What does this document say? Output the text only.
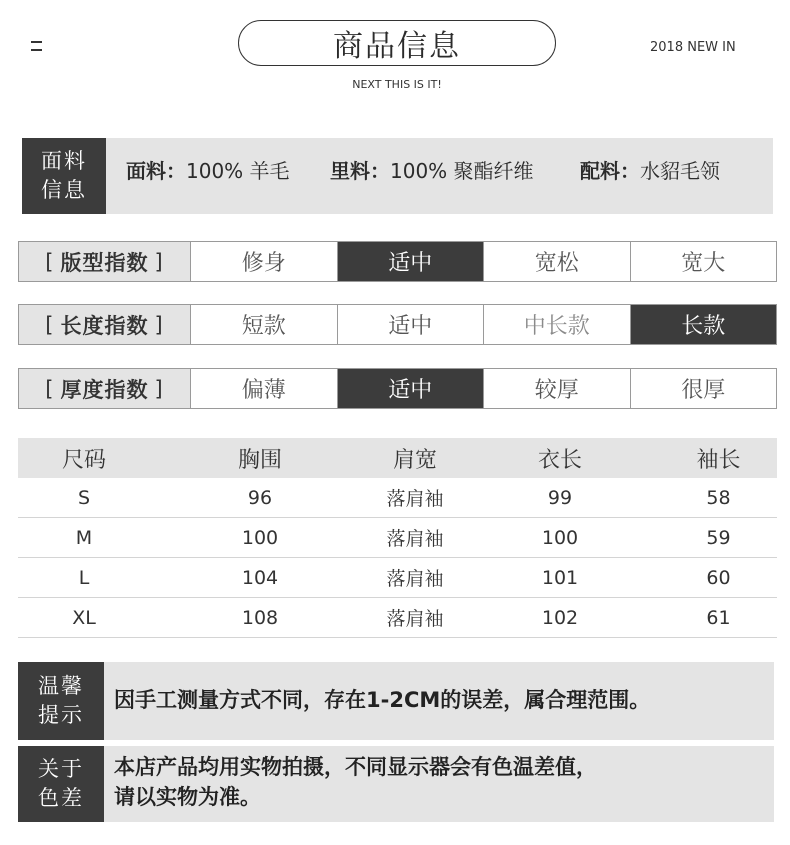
商品信息
NEXT THIS IS IT!
2018 NEW IN
面料
信息
面料：100% 羊毛 里料：100% 聚酯纤维 配料：水貂毛领
[ 版型指数 ]	修身	适中	宽松	宽大
[ 长度指数 ]	短款	适中	中长款	长款
[ 厚度指数 ]	偏薄	适中	较厚	很厚
尺码	胸围	肩宽	衣长	袖长
S	96	落肩袖	99	58
M	100	落肩袖	100	59
L	104	落肩袖	101	60
XL	108	落肩袖	102	61
温馨
提示
因手工测量方式不同，存在1-2CM的误差，属合理范围。
关于
色差
本店产品均用实物拍摄，不同显示器会有色温差值，
请以实物为准。
